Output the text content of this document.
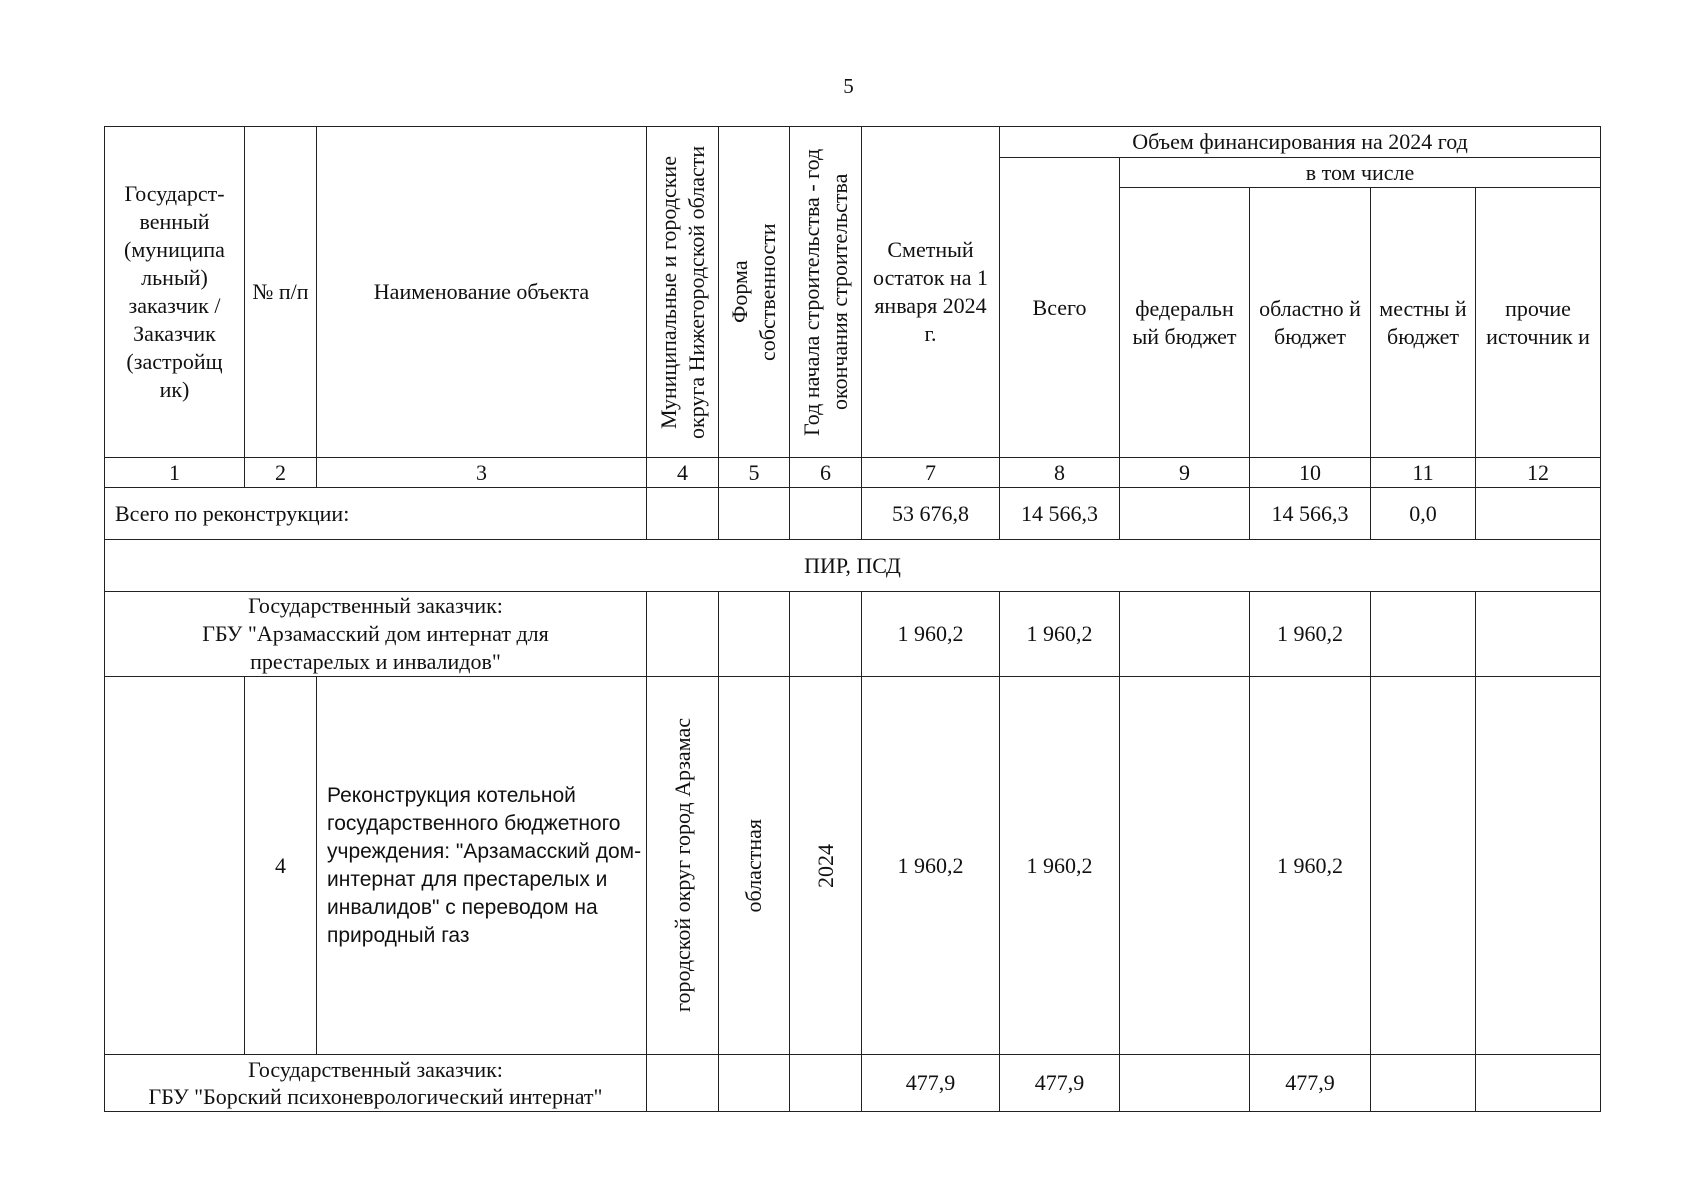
5
Государст-венный (муниципа льный) заказчик / Заказчик (застройщ ик)	№ п/п	Наименование объекта	Муниципальные и городские округа Нижегородской области	Форма собственности	Год начала строительства - год окончания строительства	Сметный остаток на 1 января 2024 г.	Объем финансирования на 2024 год				
							Всего	в том числе			
								федеральн ый бюджет	областно й бюджет	местны й бюджет	прочие источник и
1	2	3	4	5	6	7	8	9	10	11	12
Всего по реконструкции:						53 676,8	14 566,3		14 566,3	0,0	
ПИР, ПСД											

Государственный заказчик:
ГБУ "Арзамасский дом интернат для
престарелых и инвалидов"						1 960,2	1 960,2		1 960,2		
	4	Реконструкция котельной государственного бюджетного учреждения: "Арзамасский дом-интернат для престарелых и инвалидов" с переводом на природный газ	городской округ город Арзамас	областная	2024	1 960,2	1 960,2		1 960,2		

Государственный заказчик:
ГБУ "Борский психоневрологический интернат"						477,9	477,9		477,9		
